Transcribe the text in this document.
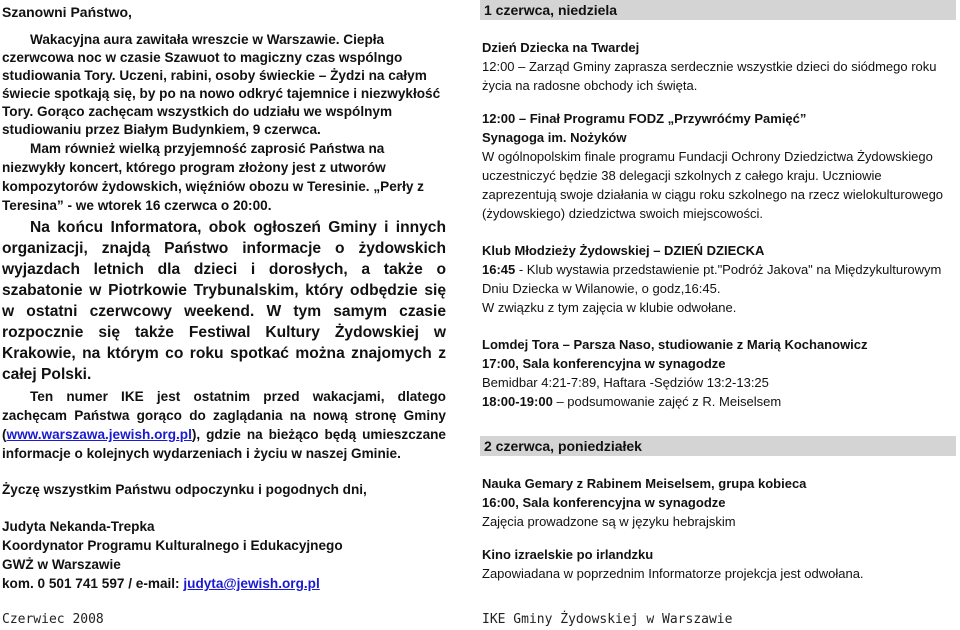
Szanowni Państwo,

Wakacyjna aura zawitała wreszcie w Warszawie. Ciepła czerwcowa noc w czasie Szawuot to magiczny czas wspólngo studiowania Tory. Uczeni, rabini, osoby świeckie – Żydzi na całym świecie spotkają się, by po na nowo odkryć tajemnice i niezwykłość Tory. Gorąco zachęcam wszystkich do udziału we wspólnym studiowaniu przez Białym Budynkiem, 9 czerwca.

Mam również wielką przyjemność zaprosić Państwa na niezwykły koncert, którego program złożony jest z utworów kompozytorów żydowskich, więźniów obozu w Teresinie. „Perły z Teresina” - we wtorek 16 czerwca o 20:00.

Na końcu Informatora, obok ogłoszeń Gminy i innych organizacji, znajdą Państwo informacje o żydowskich wyjazdach letnich dla dzieci i dorosłych, a także o szabatonie w Piotrkowie Trybunalskim, który odbędzie się w ostatni czerwcowy weekend. W tym samym czasie rozpocznie się także Festiwal Kultury Żydowskiej w Krakowie, na którym co roku spotkać można znajomych z całej Polski.

Ten numer IKE jest ostatnim przed wakacjami, dlatego zachęcam Państwa gorąco do zaglądania na nową stronę Gminy (www.warszawa.jewish.org.pl), gdzie na bieżąco będą umieszczane informacje o kolejnych wydarzeniach i życiu w naszej Gminie.

Życzę wszystkim Państwu odpoczynku i pogodnych dni,

Judyta Nekanda-Trepka
Koordynator Programu Kulturalnego i Edukacyjnego
GWŻ w Warszawie
kom. 0 501 741 597 / e-mail: judyta@jewish.org.pl
Czerwiec 2008

1 czerwca, niedziela

Dzień Dziecka na Twardej

12:00 – Zarząd Gminy zaprasza serdecznie wszystkie dzieci do siódmego roku życia na radosne obchody ich święta.

12:00 – Finał Programu FODZ „Przywróćmy Pamięć”

Synagoga im. Nożyków

W ogólnopolskim finale programu Fundacji Ochrony Dziedzictwa Żydowskiego uczestniczyć będzie 38 delegacji szkolnych z całego kraju. Uczniowie zaprezentują swoje działania w ciągu roku szkolnego na rzecz wielokulturowego (żydowskiego) dziedzictwa swoich miejscowości.

Klub Młodzieży Żydowskiej – DZIEŃ DZIECKA

16:45 - Klub wystawia przedstawienie pt."Podróż Jakova" na Międzykulturowym Dniu Dziecka w Wilanowie, o godz,16:45.

W związku z tym zajęcia w klubie odwołane.

Lomdej Tora – Parsza Naso, studiowanie z Marią Kochanowicz

17:00, Sala konferencyjna w synagodze

Bemidbar 4:21-7:89, Haftara -Sędziów 13:2-13:25

18:00-19:00 – podsumowanie zajęć z R. Meiselsem

2 czerwca, poniedziałek

Nauka Gemary z Rabinem Meiselsem, grupa kobieca

16:00, Sala konferencyjna w synagodze

Zajęcia prowadzone są w języku hebrajskim

Kino izraelskie po irlandzku

Zapowiadana w poprzednim Informatorze projekcja jest odwołana.

IKE Gminy Żydowskiej w Warszawie
